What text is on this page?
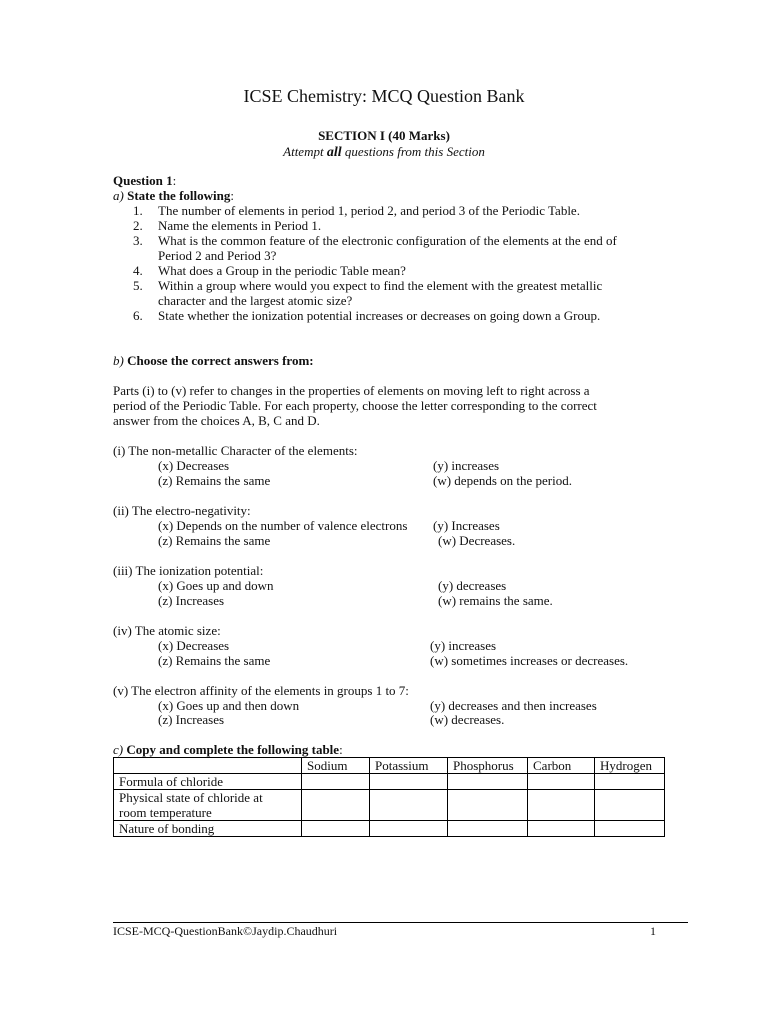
ICSE Chemistry: MCQ Question Bank
SECTION I (40 Marks)
Attempt all questions from this Section
Question 1:
a) State the following:
1. The number of elements in period 1, period 2, and period 3 of the Periodic Table.
2. Name the elements in Period 1.
3. What is the common feature of the electronic configuration of the elements at the end of
Period 2 and Period 3?
4. What does a Group in the periodic Table mean?
5. Within a group where would you expect to find the element with the greatest metallic
character and the largest atomic size?
6. State whether the ionization potential increases or decreases on going down a Group.
b) Choose the correct answers from:
Parts (i) to (v) refer to changes in the properties of elements on moving left to right across a
period of the Periodic Table. For each property, choose the letter corresponding to the correct
answer from the choices A, B, C and D.
(i) The non-metallic Character of the elements:
(x) Decreases	(y) increases
(z) Remains the same	(w) depends on the period.
(ii) The electro-negativity:
(x) Depends on the number of valence electrons (y) Increases
(z) Remains the same	(w) Decreases.
(iii) The ionization potential:
(x) Goes up and down	(y) decreases
(z) Increases	(w) remains the same.
(iv) The atomic size:
(x) Decreases	(y) increases
(z) Remains the same	(w) sometimes increases or decreases.
(v) The electron affinity of the elements in groups 1 to 7:
(x) Goes up and then down	(y) decreases and then increases
(z) Increases	(w) decreases.
c) Copy and complete the following table:
	Sodium	Potassium	Phosphorus	Carbon	Hydrogen
Formula of chloride					

Physical state of chloride at
room temperature					

Nature of bonding					
ICSE-MCQ-QuestionBank©Jaydip.Chaudhuri	1
